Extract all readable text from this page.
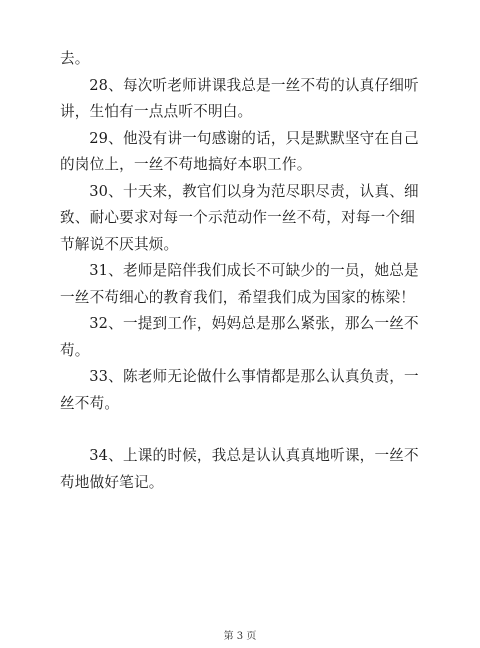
去。

28、每次听老师讲课我总是一丝不苟的认真仔细听讲，生怕有一点点听不明白。

29、他没有讲一句感谢的话，只是默默坚守在自己的岗位上，一丝不苟地搞好本职工作。

30、十天来，教官们以身为范尽职尽责，认真、细致、耐心要求对每一个示范动作一丝不苟，对每一个细节解说不厌其烦。

31、老师是陪伴我们成长不可缺少的一员，她总是一丝不苟细心的教育我们，希望我们成为国家的栋梁！

32、一提到工作，妈妈总是那么紧张，那么一丝不苟。

33、陈老师无论做什么事情都是那么认真负责，一丝不苟。

34、上课的时候，我总是认认真真地听课，一丝不苟地做好笔记。

第 3 页
